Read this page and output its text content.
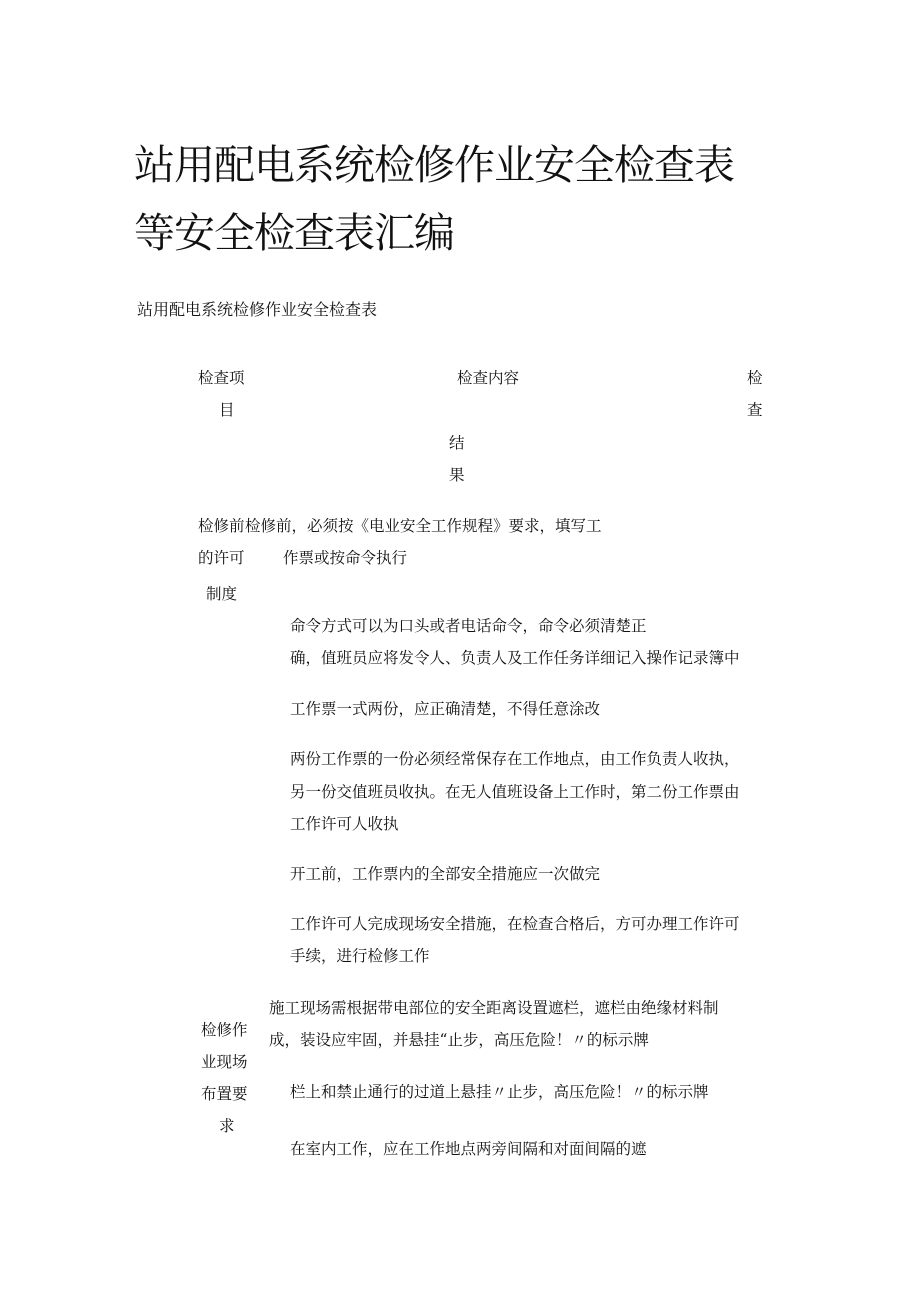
站用配电系统检修作业安全检查表
等安全检查表汇编
站用配电系统检修作业安全检查表
检查项
目
检查内容	检
查
结
果
检修前
的许可
制度
检修前，必须按《电业安全工作规程》要求，填写工
作票或按命令执行
命令方式可以为口头或者电话命令，命令必须清楚正
确，值班员应将发令人、负责人及工作任务详细记入操作记录簿中
工作票一式两份，应正确清楚，不得任意涂改
两份工作票的一份必须经常保存在工作地点，由工作负责人收执，
另一份交值班员收执。在无人值班设备上工作时，第二份工作票由
工作许可人收执
开工前，工作票内的全部安全措施应一次做完
工作许可人完成现场安全措施，在检查合格后，方可办理工作许可
手续，进行检修工作
检修作
业现场
布置要
求
施工现场需根据带电部位的安全距离设置遮栏，遮栏由绝缘材料制
成，装设应牢固，并悬挂“止步，高压危险！〃的标示牌
栏上和禁止通行的过道上悬挂〃止步，高压危险！〃的标示牌
在室内工作，应在工作地点两旁间隔和对面间隔的遮
